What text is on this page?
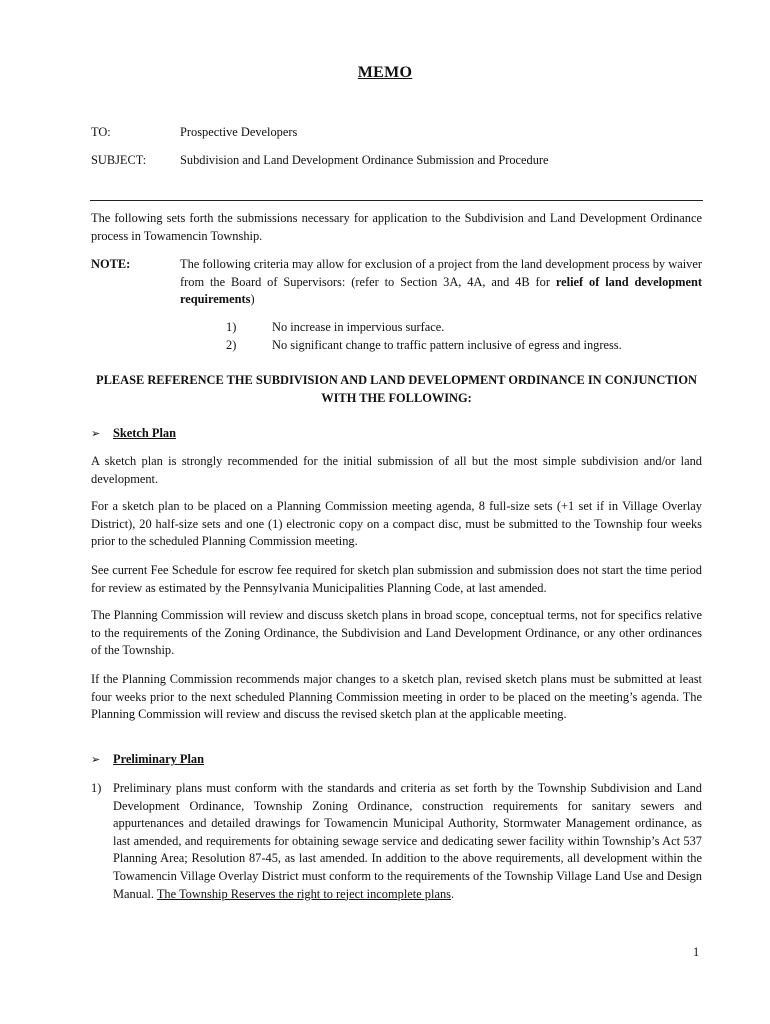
MEMO
TO:	Prospective Developers
SUBJECT:	Subdivision and Land Development Ordinance Submission and Procedure
The following sets forth the submissions necessary for application to the Subdivision and Land Development Ordinance process in Towamencin Township.
NOTE:	The following criteria may allow for exclusion of a project from the land development process by waiver from the Board of Supervisors: (refer to Section 3A, 4A, and 4B for relief of land development requirements)
1)	No increase in impervious surface.
2)	No significant change to traffic pattern inclusive of egress and ingress.
PLEASE REFERENCE THE SUBDIVISION AND LAND DEVELOPMENT ORDINANCE IN CONJUNCTION WITH THE FOLLOWING:
➢ Sketch Plan
A sketch plan is strongly recommended for the initial submission of all but the most simple subdivision and/or land development.
For a sketch plan to be placed on a Planning Commission meeting agenda, 8 full-size sets (+1 set if in Village Overlay District), 20 half-size sets and one (1) electronic copy on a compact disc, must be submitted to the Township four weeks prior to the scheduled Planning Commission meeting.
See current Fee Schedule for escrow fee required for sketch plan submission and submission does not start the time period for review as estimated by the Pennsylvania Municipalities Planning Code, at last amended.
The Planning Commission will review and discuss sketch plans in broad scope, conceptual terms, not for specifics relative to the requirements of the Zoning Ordinance, the Subdivision and Land Development Ordinance, or any other ordinances of the Township.
If the Planning Commission recommends major changes to a sketch plan, revised sketch plans must be submitted at least four weeks prior to the next scheduled Planning Commission meeting in order to be placed on the meeting’s agenda. The Planning Commission will review and discuss the revised sketch plan at the applicable meeting.
➢ Preliminary Plan
1) Preliminary plans must conform with the standards and criteria as set forth by the Township Subdivision and Land Development Ordinance, Township Zoning Ordinance, construction requirements for sanitary sewers and appurtenances and detailed drawings for Towamencin Municipal Authority, Stormwater Management ordinance, as last amended, and requirements for obtaining sewage service and dedicating sewer facility within Township’s Act 537 Planning Area; Resolution 87-45, as last amended. In addition to the above requirements, all development within the Towamencin Village Overlay District must conform to the requirements of the Township Village Land Use and Design Manual. The Township Reserves the right to reject incomplete plans.
1
